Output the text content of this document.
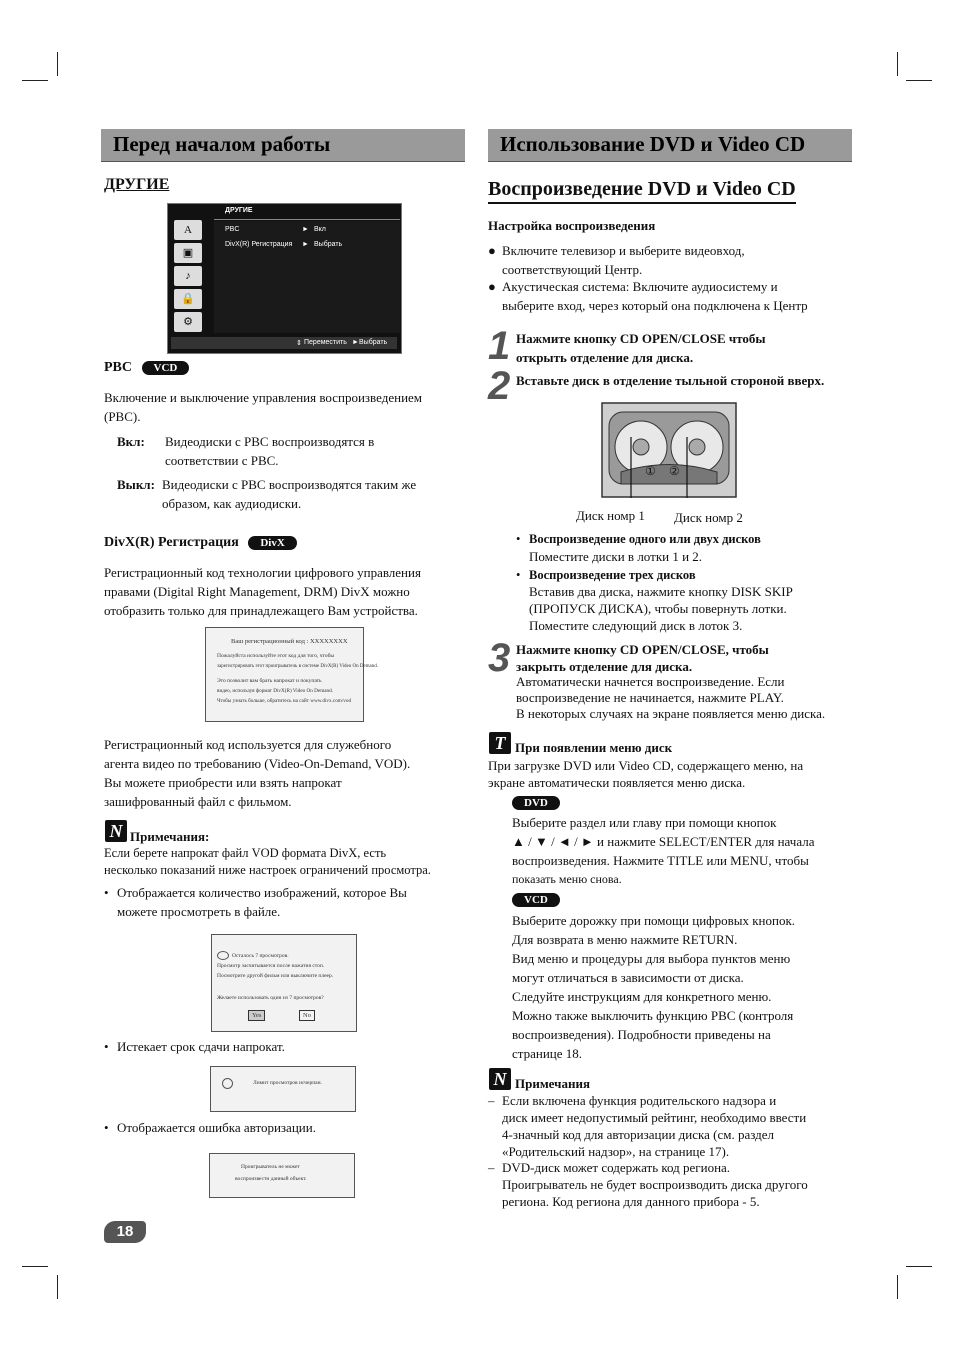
Перед началом работы
ДРУГИЕ
ДРУГИЕ
PBC	► Вкл
DivX(R) Регистрация ► Выбрать
A
▣
♪
🔒
⚙
⇕ Переместить ► Выбрать
PBC VCD
Включение и выключение управления воспроизведением
(PBC).
Вкл: Видеодиски с PBC воспроизводятся в
соответствии с PBC.
Выкл: Видеодиски с PBC воспроизводятся таким же
образом, как аудиодиски.
DivX(R) Регистрация DivX
Регистрационный код технологии цифрового управления
правами (Digital Right Management, DRM) DivX можно
отобразить только для принадлежащего Вам устройства.
Ваш регистрационный код : XXXXXXXX
Пожалуйста используйте этот код для того, чтобы
зарегистрировать этот проигрыватель в системе DivX(R) Video On Demand.
Это позволит вам брать напрокат и покупать
видео, используя формат DivX(R) Video On Demand.
Чтобы узнать больше, обратитесь на сайт www.divx.com/vod
Регистрационный код используется для служебного
агента видео по требованию (Video-On-Demand, VOD).
Вы можете приобрести или взять напрокат
зашифрованный файл с фильмом.
N Примечания:
Если берете напрокат файл VOD формата DivX, есть
несколько показаний ниже настроек ограничений просмотра.
• Отображается количество изображений, которое Вы
можете просмотреть в файле.
Осталось 7 просмотров.
Просмотр засчитывается после нажатия стоп.
Посмотрите другой фильм или выключите плеер.
Желаете использовать один из 7 просмотров?
Yes	No
• Истекает срок сдачи напрокат.
Лимит просмотров исчерпан.
• Отображается ошибка авторизации.
Проигрыватель не может
воспроизвести данный объект.
18
Использование DVD и Video CD
Воспроизведение DVD и Video CD
Настройка воспроизведения
● Включите телевизор и выберите видеовход,
соответствующий Центр.
● Акустическая система: Включите аудиосистему и
выберите вход, через который она подключена к Центр
1 Нажмите кнопку CD OPEN/CLOSE чтобы
открыть отделение для диска.
2 Вставьте диск в отделение тыльной стороной вверх.
① ②
Диск номр 1 Диск номр 2
• Воспроизведение одного или двух дисков
Поместите диски в лотки 1 и 2.
• Воспроизведение трех дисков
Вставив два диска, нажмите кнопку DISK SKIP
(ПРОПУСК ДИСКА), чтобы повернуть лотки.
Поместите следующий диск в лоток 3.
3 Нажмите кнопку CD OPEN/CLOSE, чтобы
закрыть отделение для диска.
Автоматически начнется воспроизведение. Если
воспроизведение не начинается, нажмите PLAY.
В некоторых случаях на экране появляется меню диска.
T При появлении меню диск
При загрузке DVD или Video CD, содержащего меню, на
экране автоматически появляется меню диска.
DVD
Выберите раздел или главу при помощи кнопок
▲ / ▼ / ◄ / ► и нажмите SELECT/ENTER для начала
воспроизведения. Нажмите TITLE или MENU, чтобы
показать меню снова.
VCD
Выберите дорожку при помощи цифровых кнопок.
Для возврата в меню нажмите RETURN.
Вид меню и процедуры для выбора пунктов меню
могут отличаться в зависимости от диска.
Следуйте инструкциям для конкретного меню.
Можно также выключить функцию PBC (контроля
воспроизведения). Подробности приведены на
странице 18.
N Примечания
– Если включена функция родительского надзора и
диск имеет недопустимый рейтинг, необходимо ввести
4-значный код для авторизации диска (см. раздел
«Родительский надзор», на странице 17).
– DVD-диск может содержать код региона.
Проигрыватель не будет воспроизводить диска другого
региона. Код региона для данного прибора - 5.
